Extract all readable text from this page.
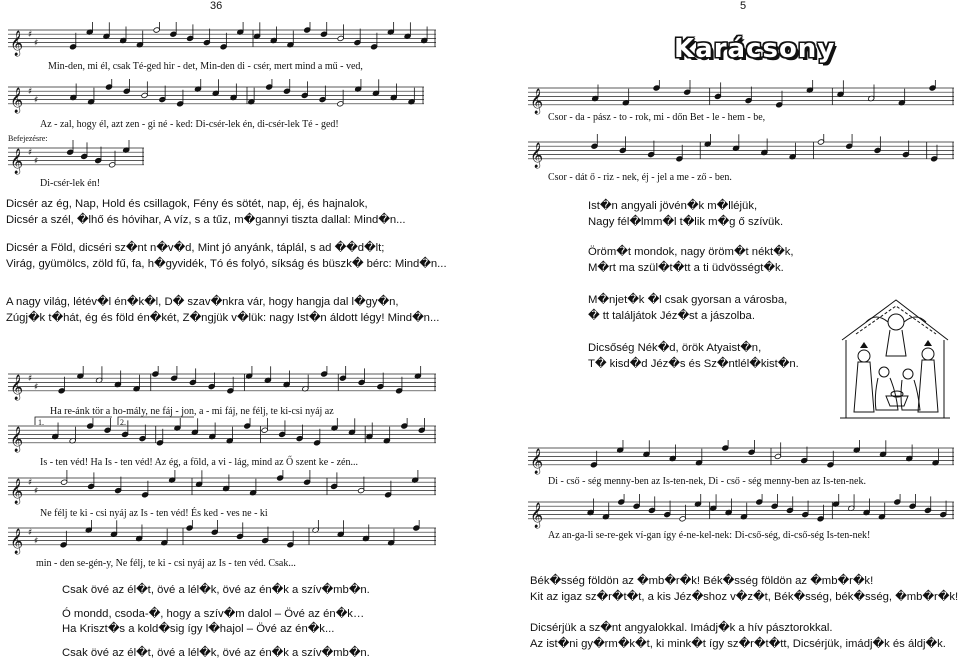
36
𝄞 ♯
♯
Min-den, mi él, csak Té-ged hir - det, Min-den di - csér, mert mind a mű - ved,
𝄞 ♯
♯
Az - zal, hogy él, azt zen - gi né - ked: Di-csér-lek én, di-csér-lek Té - ged!
Befejezésre:
𝄞 ♯
♯
Di-csér-lek én!
Dicsér az ég, Nap, Hold és csillagok, Fény és sötét, nap, éj, és hajnalok,
Dicsér a szél, �lhő és hóvihar, A víz, s a tűz, m�gannyi tiszta dallal: Mind�n...
Dicsér a Föld, dicséri sz�nt n�v�d, Mint jó anyánk, táplál, s ad ��d�lt;
Virág, gyümölcs, zöld fű, fa, h�gyvidék, Tó és folyó, síkság és büszk� bérc: Mind�n...
A nagy világ, létév�l én�k�l, D� szav�nkra vár, hogy hangja dal l�gy�n,
Zúgj�k t�hát, ég és föld én�két, Z�ngjük v�lük: nagy Ist�n áldott légy! Mind�n...
𝄞 ♯
♯
Ha re-ánk tör a ho-mály, ne fáj - jon, a - mi fáj, ne félj, te ki-csi nyáj az
1.	2.
𝄞
Is - ten véd! Ha Is - ten véd! Az ég, a föld, a vi - lág, mind az Ő szent ke - zén...
𝄞 ♯
♯
Ne félj te ki - csi nyáj az Is - ten véd! És ked - ves ne - ki
𝄞 ♯
♯
min - den se-gén-y, Ne félj, te ki - csi nyáj az Is - ten véd. Csak...
Csak övé az él�t, övé a lél�k, övé az én�k a szív�mb�n.
Ó mondd, csoda-�, hogy a szív�m dalol – Övé az én�k…
Ha Kriszt�s a kold�sig így l�hajol – Övé az én�k...
Csak övé az él�t, övé a lél�k, övé az én�k a szív�mb�n.
5
Karácsony
𝄞
Csor - da - pász - to - rok, mi - dőn Bet - le - hem - be,
𝄞
Csor - dát ő - riz - nek, éj - jel a me - ző - ben.
Ist�n angyali jövén�k m�lléjük,
Nagy fél�lmm�l t�lik m�g ő szívük.
Öröm�t mondok, nagy öröm�t nékt�k,
M�rt ma szül�t�tt a ti üdvösségt�k.
M�njet�k �l csak gyorsan a városba,
� tt találjátok Jéz�st a jászolba.
Dicsőség Nék�d, örök Atyaist�n,
T� kisd�d Jéz�s és Sz�ntlél�kist�n.
𝄞
Di - cső - ség menny-ben az Is-ten-nek, Di - cső - ség menny-ben az Is-ten-nek.
𝄞
Az an-ga-li se-re-gek ví-gan így é-ne-kel-nek: Di-cső-ség, di-cső-ség Is-ten-nek!
Bék�sség földön az �mb�r�k! Bék�sség földön az �mb�r�k!
Kit az igaz sz�r�t�t, a kis Jéz�shoz v�z�t, Bék�sség, bék�sség, �mb�r�k!
Dicsérjük a sz�nt angyalokkal. Imádj�k a hív pásztorokkal.
Az ist�ni gy�rm�k�t, ki mink�t így sz�r�t�tt, Dicsérjük, imádj�k és áldj�k.
